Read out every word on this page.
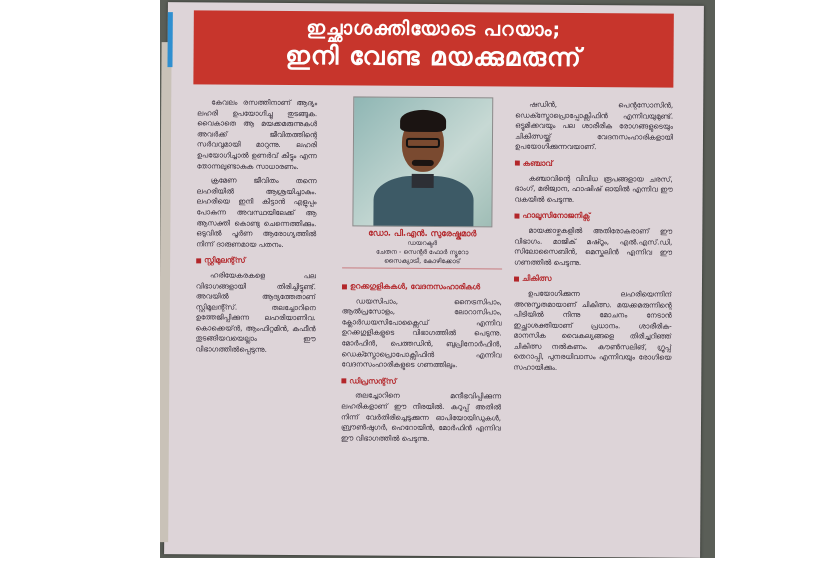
ഇച്ഛാശക്തിയോടെ പറയാം;
ഇനി വേണ്ട മയക്കുമരുന്ന്

കേവലം രസത്തിനാണ് ആദ്യം ലഹരി ഉപയോഗിച്ചു തുടങ്ങുക. വൈകാതെ ആ മയക്കമരുന്നുകൾ അവർക്ക് ജീവിതത്തിന്റെ സർവവുമായി മാറുന്നു. ലഹരി ഉപയോഗിച്ചാൽ ഉണർവ് കിട്ടും എന്ന തോന്നലുണ്ടാകുക സാധാരണം.

ക്രമേണ ജീവിതം തന്നെ ലഹരിയിൽ ആശ്രയിച്ചാകും. ലഹരിയെ ഇനി കിട്ടാൻ എളുപ്പം പോകുന്ന അവസ്ഥയിലേക്ക് ആ ആസക്തി കൊണ്ടു ചെന്നെത്തിക്കും. ഒടുവിൽ പൂർണ ആരോഗ്യത്തിൽ നിന്ന് ദാരുണമായ പതനം.

സ്റ്റിമുലന്റ്സ്

ഹരിയേകരകളെ പല വിഭാഗങ്ങളായി തിരിച്ചിട്ടുണ്ട്. അവയിൽ ആദ്യത്തേതാണ് സ്റ്റിമുലന്റ്സ്. തലച്ചോറിനെ ഉത്തേജിപ്പിക്കുന്ന ലഹരിയാണിവ. കൊക്കെയ്ൻ, ആംഫിറ്റമിൻ, കഫീൻ തുടങ്ങിയവയെല്ലാം ഈ വിഭാഗത്തിൽപ്പെടുന്നു.

ഡോ. പി.എൻ. സുരേഷ്കുമാർ
ഡയറക്ടർ
ചേതന - സെന്റർ ഫോർ ന്യൂറോ
സൈക്യാട്രി, കോഴിക്കോട്
ഉറക്കഗുളികകൾ, വേദനസംഹാരികൾ

ഡയസിപാം, നൈട്രസിപാം, ആൽപ്രസോളം, ലോറാസിപാം, ക്ലോർഡയസിപോക്സൈഡ് എന്നിവ ഉറക്കഗുളികളുടെ വിഭാഗത്തിൽ പെടുന്നു. മോർഫിൻ, പെത്തഡിൻ, ബുപ്രിനോർഫിൻ, ഡെക്സ്ട്രോപ്രൊപോക്സിഫിൻ എന്നിവ വേദനസംഹാരികളുടെ ഗണത്തിലും.

ഡിപ്രസന്റ്സ്

തലച്ചോറിനെ മന്ദീഭവിപ്പിക്കുന്ന ലഹരികളാണ് ഈ നിരയിൽ. കറുപ്പ് അതിൽ നിന്ന് വേർതിരിച്ചെടുക്കുന്ന ഓപിയോയിഡുകൾ, ബ്രൗൺഷുഗർ, ഹെറോയിൻ, മോർഫിൻ എന്നിവ ഈ വിഭാഗത്തിൽ പെടുന്നു.

ഷഡിൻ, പെന്റസോസിൻ, ഡെക്സ്ട്രോപ്രൊപ്പോക്സിഫിൻ എന്നിവയുമുണ്ട്. ഒട്ടുമിക്കവയും പല ശാരീരിക രോഗങ്ങളുടെയും ചികിത്സയ്ക്ക് വേദനസംഹാരികളായി ഉപയോഗിക്കുന്നവയാണ്.

കഞ്ചാവ്

കഞ്ചാവിന്റെ വിവിധ രൂപങ്ങളായ ചരസ്, ഭാംഗ്, മരിജ്വാന, ഹാഷിഷ് ഓയിൽ എന്നിവ ഈ വകയിൽ പെടുന്നു.

ഹാലൂസിനോജനിക്സ്

മായക്കാഴ്ചകളിൽ അതിരോകരാണ് ഈ വിഭാഗം. മാജിക് മഷ്റൂം, എൽ.എസ്.ഡി, സിലോസൈബിൻ, മെസ്കലിൻ എന്നിവ ഈ ഗണത്തിൽ പെടുന്നു.

ചികിത്സ

ഉപയോഗിക്കുന്ന ലഹരിയെന്നിന് അനുസൃതമായാണ് ചികിത്സ. മയക്കമരുന്നിന്റെ പിടിയിൽ നിന്നു മോചനം നേടാൻ ഇച്ഛാശക്തിയാണ് പ്രധാനം. ശാരീരിക-മാനസിക വൈകല്യങ്ങളെ തിരിച്ചറിഞ്ഞ് ചികിത്സ നൽകണം. കൗൺസലിങ്, ഗ്രൂപ്പ് തെറാപ്പി, പുനരധിവാസം എന്നിവയും രോഗിയെ സഹായിക്കും.
